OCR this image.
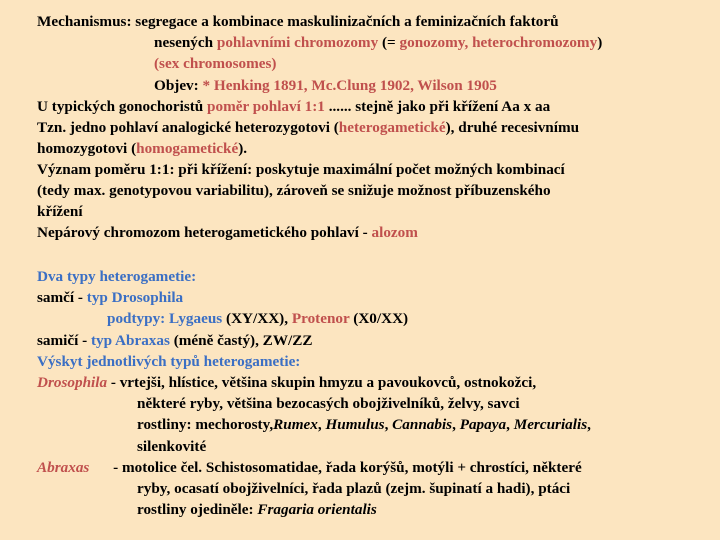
Mechanismus: segregace a kombinace maskulinizačních a feminizačních faktorů
nesených pohlavními chromozomy (= gonozomy, heterochromozomy)
(sex chromosomes)
Objev: * Henking 1891, Mc.Clung 1902, Wilson 1905
U typických gonochoristů poměr pohlaví 1:1 ...... stejně jako při křížení Aa x aa
Tzn. jedno pohlaví analogické heterozygotovi (heterogametické), druhé recesivnímu
homozygotovi (homogametické).
Význam poměru 1:1: při křížení: poskytuje maximální počet možných kombinací
(tedy max. genotypovou variabilitu), zároveň se snižuje možnost příbuzenského
křížení
Nepárový chromozom heterogametického pohlaví - alozom
Dva typy heterogametie:
samčí - typ Drosophila
podtypy: Lygaeus (XY/XX), Protenor (X0/XX)
samičí - typ Abraxas (méně častý), ZW/ZZ
Výskyt jednotlivých typů heterogametie:
Drosophila - vrtejši, hlístice, většina skupin hmyzu a pavoukovců, ostnokožci,
některé ryby, většina bezocasých obojživelníků, želvy, savci
rostliny: mechorosty,Rumex, Humulus, Cannabis, Papaya, Mercurialis,
silenkovité
Abraxas - motolice čel. Schistosomatidae, řada korýšů, motýli + chrostíci, některé
ryby, ocasatí obojživelníci, řada plazů (zejm. šupinatí a hadi), ptáci
rostliny ojediněle: Fragaria orientalis
